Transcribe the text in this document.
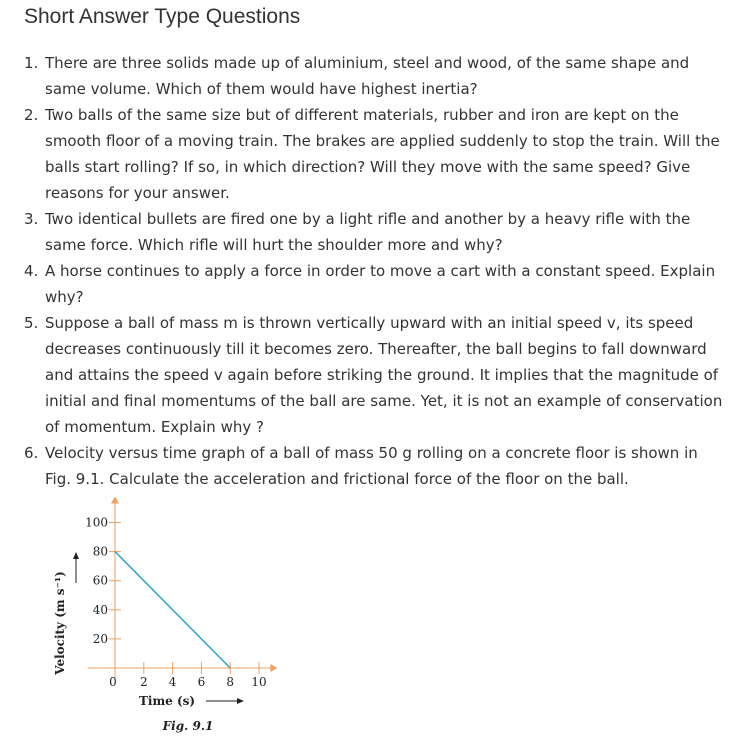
Short Answer Type Questions
1. There are three solids made up of aluminium, steel and wood, of the same shape and same volume. Which of them would have highest inertia?
2. Two balls of the same size but of different materials, rubber and iron are kept on the smooth floor of a moving train. The brakes are applied suddenly to stop the train. Will the balls start rolling? If so, in which direction? Will they move with the same speed? Give reasons for your answer.
3. Two identical bullets are fired one by a light rifle and another by a heavy rifle with the same force. Which rifle will hurt the shoulder more and why?
4. A horse continues to apply a force in order to move a cart with a constant speed. Explain why?
5. Suppose a ball of mass m is thrown vertically upward with an initial speed v, its speed decreases continuously till it becomes zero. Thereafter, the ball begins to fall downward and attains the speed v again before striking the ground. It implies that the magnitude of initial and final momentums of the ball are same. Yet, it is not an example of conservation of momentum. Explain why ?
6. Velocity versus time graph of a ball of mass 50 g rolling on a concrete floor is shown in Fig. 9.1. Calculate the acceleration and frictional force of the floor on the ball.
20
40
60
80
100
0 2 4 6 8 10
Time (s)
Velocity (m s⁻¹)
Fig. 9.1
